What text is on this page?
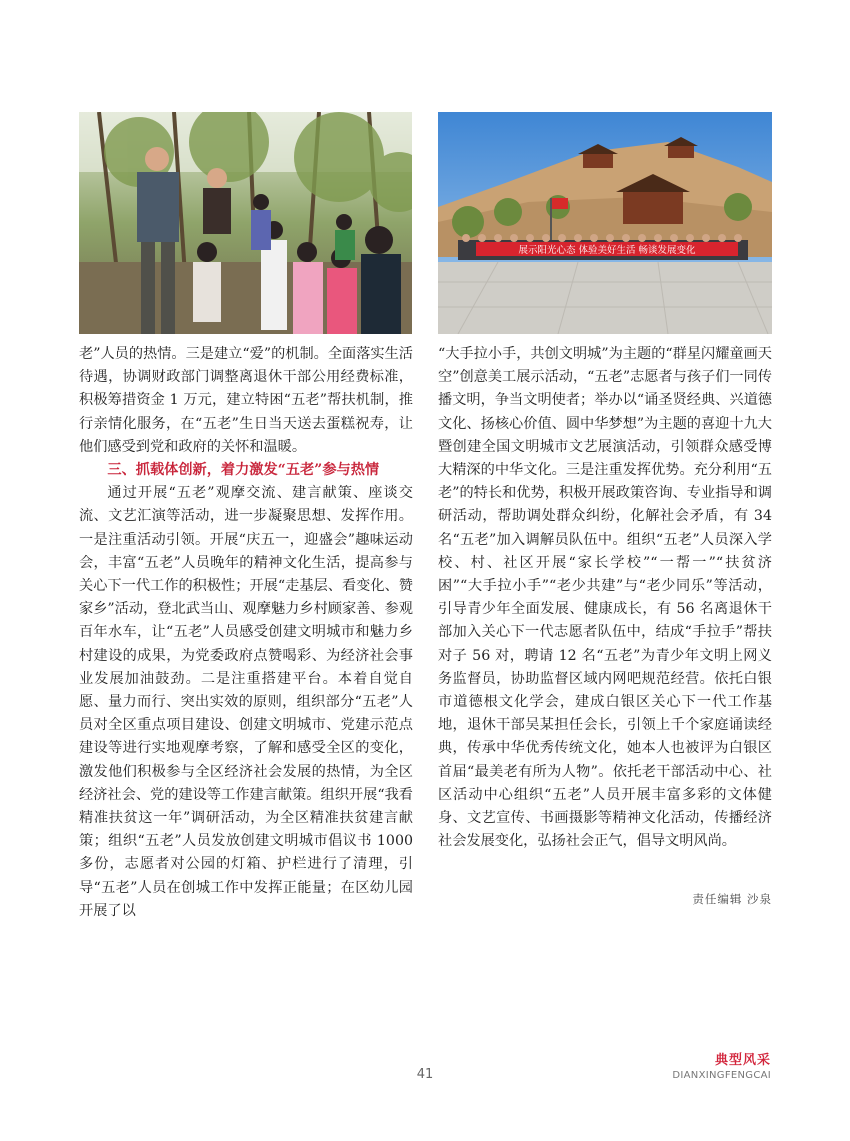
展示阳光心态 体验美好生活 畅谈发展变化

老”人员的热情。三是建立“爱”的机制。全面落实生活待遇，协调财政部门调整离退休干部公用经费标准，积极筹措资金 1 万元，建立特困“五老”帮扶机制，推行亲情化服务，在“五老”生日当天送去蛋糕祝寿，让他们感受到党和政府的关怀和温暖。

三、抓载体创新，着力激发“五老”参与热情

通过开展“五老”观摩交流、建言献策、座谈交流、文艺汇演等活动，进一步凝聚思想、发挥作用。一是注重活动引领。开展“庆五一，迎盛会”趣味运动会，丰富“五老”人员晚年的精神文化生活，提高参与关心下一代工作的积极性；开展“走基层、看变化、赞家乡”活动，登北武当山、观摩魅力乡村顾家善、参观百年水车，让“五老”人员感受创建文明城市和魅力乡村建设的成果，为党委政府点赞喝彩、为经济社会事业发展加油鼓劲。二是注重搭建平台。本着自觉自愿、量力而行、突出实效的原则，组织部分“五老”人员对全区重点项目建设、创建文明城市、党建示范点建设等进行实地观摩考察，了解和感受全区的变化，激发他们积极参与全区经济社会发展的热情，为全区经济社会、党的建设等工作建言献策。组织开展“我看精准扶贫这一年”调研活动，为全区精准扶贫建言献策；组织“五老”人员发放创建文明城市倡议书 1000 多份，志愿者对公园的灯箱、护栏进行了清理，引导“五老”人员在创城工作中发挥正能量；在区幼儿园开展了以

“大手拉小手，共创文明城”为主题的“群星闪耀童画天空”创意美工展示活动，“五老”志愿者与孩子们一同传播文明，争当文明使者；举办以“诵圣贤经典、兴道德文化、扬核心价值、圆中华梦想”为主题的喜迎十九大暨创建全国文明城市文艺展演活动，引领群众感受博大精深的中华文化。三是注重发挥优势。充分利用“五老”的特长和优势，积极开展政策咨询、专业指导和调研活动，帮助调处群众纠纷，化解社会矛盾，有 34 名“五老”加入调解员队伍中。组织“五老”人员深入学校、村、社区开展“家长学校”“一帮一”“扶贫济困”“大手拉小手”“老少共建”与“老少同乐”等活动，引导青少年全面发展、健康成长，有 56 名离退休干部加入关心下一代志愿者队伍中，结成“手拉手”帮扶对子 56 对，聘请 12 名“五老”为青少年文明上网义务监督员，协助监督区域内网吧规范经营。依托白银市道德根文化学会，建成白银区关心下一代工作基地，退休干部吴某担任会长，引领上千个家庭诵读经典，传承中华优秀传统文化，她本人也被评为白银区首届“最美老有所为人物”。依托老干部活动中心、社区活动中心组织“五老”人员开展丰富多彩的文体健身、文艺宣传、书画摄影等精神文化活动，传播经济社会发展变化，弘扬社会正气，倡导文明风尚。

责任编辑 沙泉
41
典型风采
DIANXINGFENGCAI
